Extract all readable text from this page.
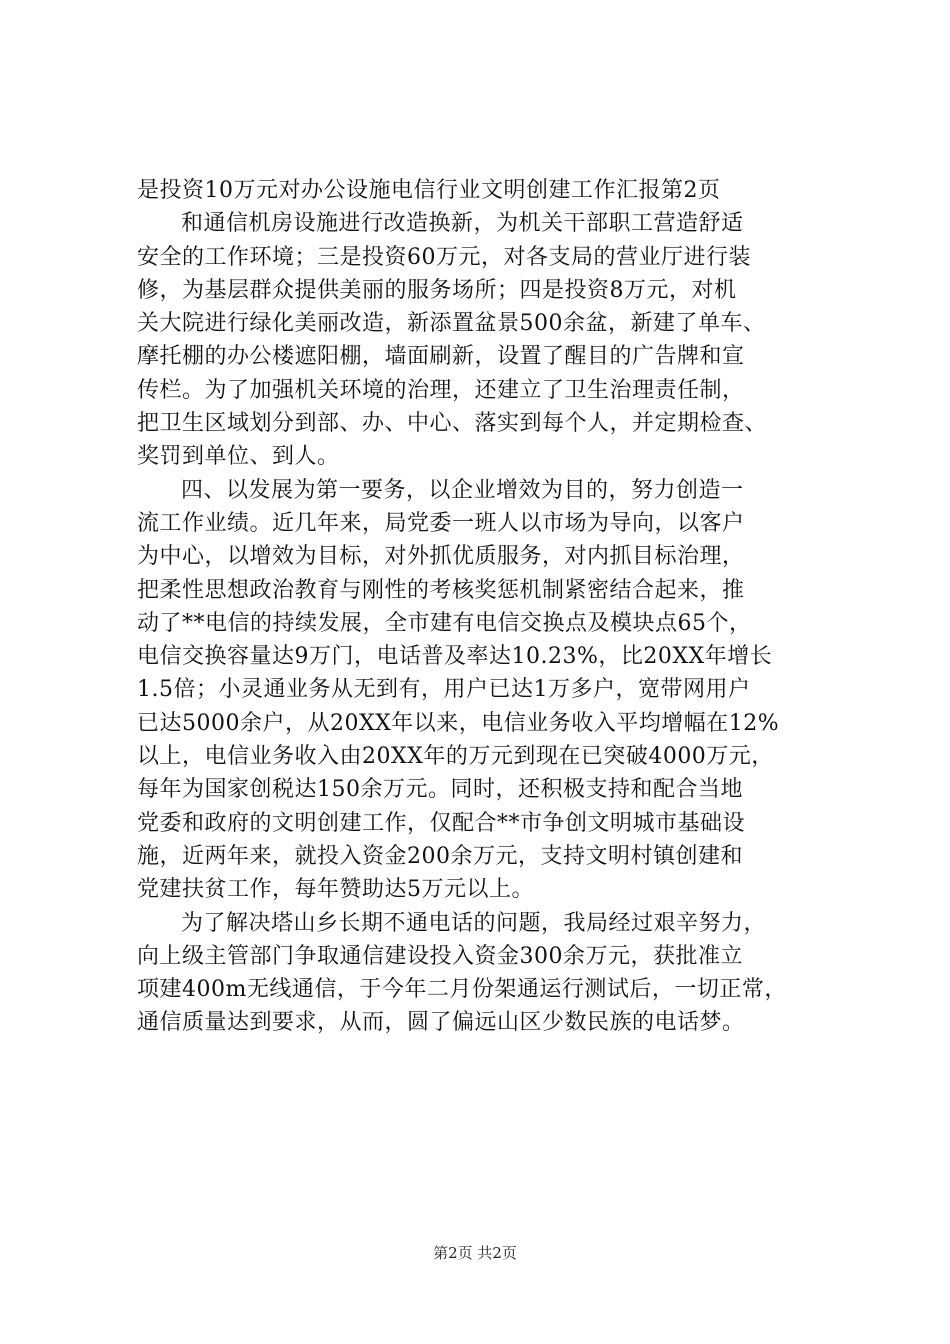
是投资10万元对办公设施电信行业文明创建工作汇报第2页
和通信机房设施进行改造换新，为机关干部职工营造舒适
安全的工作环境；三是投资60万元，对各支局的营业厅进行装
修，为基层群众提供美丽的服务场所；四是投资8万元，对机
关大院进行绿化美丽改造，新添置盆景500余盆，新建了单车、
摩托棚的办公楼遮阳棚，墙面刷新，设置了醒目的广告牌和宣
传栏。为了加强机关环境的治理，还建立了卫生治理责任制，
把卫生区域划分到部、办、中心、落实到每个人，并定期检查、
奖罚到单位、到人。
四、以发展为第一要务，以企业增效为目的，努力创造一
流工作业绩。近几年来，局党委一班人以市场为导向，以客户
为中心，以增效为目标，对外抓优质服务，对内抓目标治理，
把柔性思想政治教育与刚性的考核奖惩机制紧密结合起来，推
动了**电信的持续发展，全市建有电信交换点及模块点65个，
电信交换容量达9万门，电话普及率达10.23%，比20XX年增长
1.5倍；小灵通业务从无到有，用户已达1万多户，宽带网用户
已达5000余户，从20XX年以来，电信业务收入平均增幅在12%
以上，电信业务收入由20XX年的万元到现在已突破4000万元，
每年为国家创税达150余万元。同时，还积极支持和配合当地
党委和政府的文明创建工作，仅配合**市争创文明城市基础设
施，近两年来，就投入资金200余万元，支持文明村镇创建和
党建扶贫工作，每年赞助达5万元以上。
为了解决塔山乡长期不通电话的问题，我局经过艰辛努力，
向上级主管部门争取通信建设投入资金300余万元，获批准立
项建400m无线通信，于今年二月份架通运行测试后，一切正常，
通信质量达到要求，从而，圆了偏远山区少数民族的电话梦。
第2页 共2页
